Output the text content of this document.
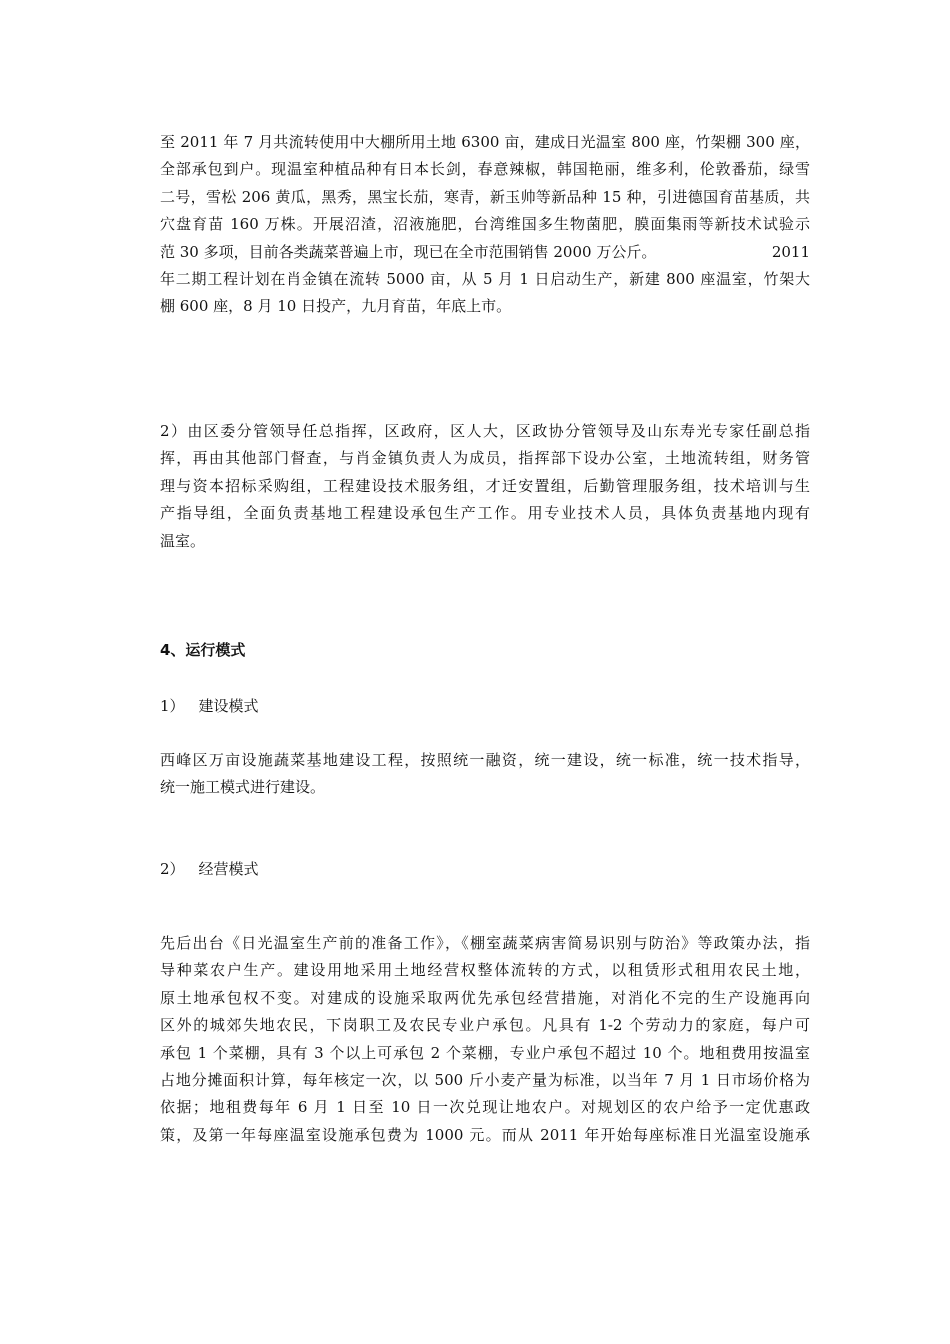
至 2011 年 7 月共流转使用中大棚所用土地 6300 亩，建成日光温室 800 座，竹架棚 300 座，
全部承包到户。现温室种植品种有日本长剑，春意辣椒，韩国艳丽，维多利，伦敦番茄，绿雪
二号，雪松 206 黄瓜，黑秀，黑宝长茄，寒青，新玉帅等新品种 15 种，引进德国育苗基质，共
穴盘育苗 160 万株。开展沼渣，沼液施肥，台湾维国多生物菌肥，膜面集雨等新技术试验示
范 30 多项，目前各类蔬菜普遍上市，现已在全市范围销售 2000 万公斤。	2011
年二期工程计划在肖金镇在流转 5000 亩，从 5 月 1 日启动生产，新建 800 座温室，竹架大
棚 600 座，8 月 10 日投产，九月育苗，年底上市。
2）由区委分管领导任总指挥，区政府，区人大，区政协分管领导及山东寿光专家任副总指
挥，再由其他部门督查，与肖金镇负责人为成员，指挥部下设办公室，土地流转组，财务管
理与资本招标采购组，工程建设技术服务组，才迁安置组，后勤管理服务组，技术培训与生
产指导组，全面负责基地工程建设承包生产工作。用专业技术人员，具体负责基地内现有
温室。
4、运行模式
1） 建设模式
西峰区万亩设施蔬菜基地建设工程，按照统一融资，统一建设，统一标准，统一技术指导，
统一施工模式进行建设。
2） 经营模式
先后出台《日光温室生产前的准备工作》，《棚室蔬菜病害简易识别与防治》等政策办法，指
导种菜农户生产。建设用地采用土地经营权整体流转的方式，以租赁形式租用农民土地，
原土地承包权不变。对建成的设施采取两优先承包经营措施，对消化不完的生产设施再向
区外的城郊失地农民，下岗职工及农民专业户承包。凡具有 1-2 个劳动力的家庭，每户可
承包 1 个菜棚，具有 3 个以上可承包 2 个菜棚，专业户承包不超过 10 个。地租费用按温室
占地分摊面积计算，每年核定一次，以 500 斤小麦产量为标准，以当年 7 月 1 日市场价格为
依据；地租费每年 6 月 1 日至 10 日一次兑现让地农户。对规划区的农户给予一定优惠政
策，及第一年每座温室设施承包费为 1000 元。而从 2011 年开始每座标准日光温室设施承
